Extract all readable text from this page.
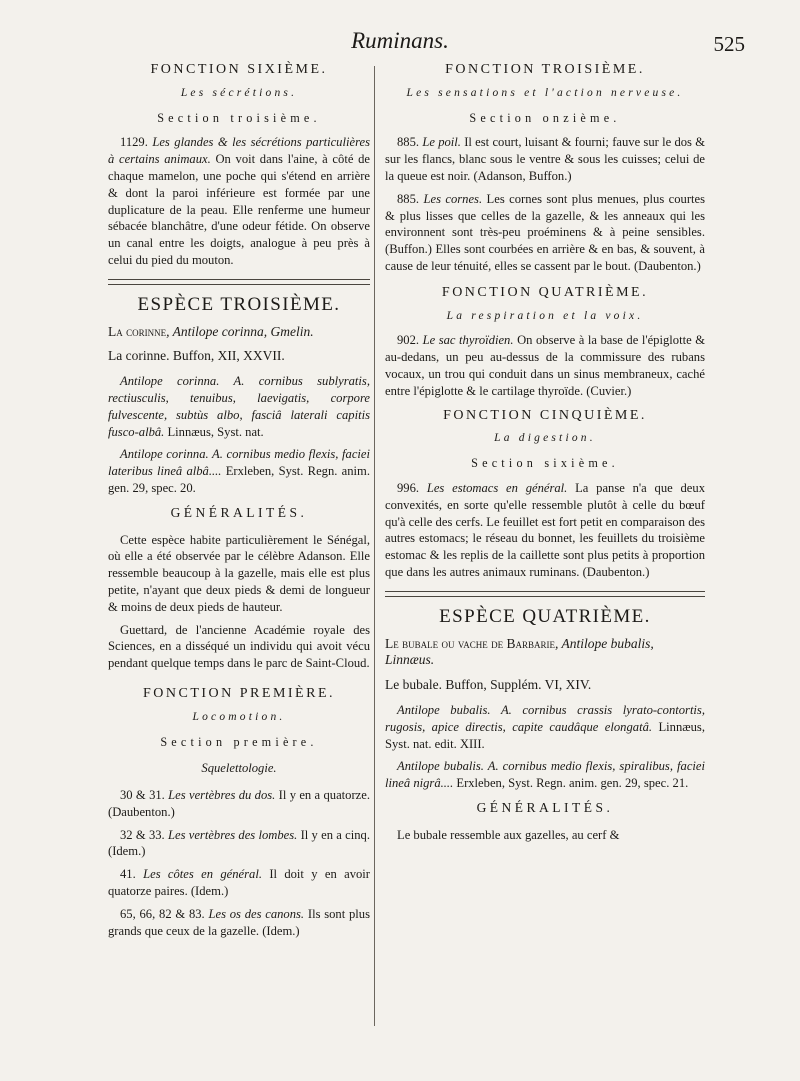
Ruminans.	525
FONCTION SIXIÈME.
Les sécrétions.
Section troisième.

1129. Les glandes & les sécrétions particulières à certains animaux. On voit dans l'aine, à côté de chaque mamelon, une poche qui s'étend en arrière & dont la paroi inférieure est formée par une duplicature de la peau. Elle renferme une humeur sébacée blanchâtre, d'une odeur fétide. On observe un canal entre les doigts, analogue à peu près à celui du pied du mouton.

ESPÈCE TROISIÈME.
La corinne, Antilope corinna, Gmelin.
La corinne. Buffon, XII, XXVII.

Antilope corinna. A. cornibus sublyratis, rectiusculis, tenuibus, laevigatis, corpore fulvescente, subtùs albo, fasciâ laterali capitis fusco-albâ. Linnæus, Syst. nat.

Antilope corinna. A. cornibus medio flexis, faciei lateribus lineâ albâ.... Erxleben, Syst. Regn. anim. gen. 29, spec. 20.

GÉNÉRALITÉS.

Cette espèce habite particulièrement le Sénégal, où elle a été observée par le célèbre Adanson. Elle ressemble beaucoup à la gazelle, mais elle est plus petite, n'ayant que deux pieds & demi de longueur & moins de deux pieds de hauteur.

Guettard, de l'ancienne Académie royale des Sciences, en a disséqué un individu qui avoit vécu pendant quelque temps dans le parc de Saint-Cloud.

FONCTION PREMIÈRE.
Locomotion.
Section première.
Squelettologie.

30 & 31. Les vertèbres du dos. Il y en a quatorze. (Daubenton.)

32 & 33. Les vertèbres des lombes. Il y en a cinq. (Idem.)

41. Les côtes en général. Il doit y en avoir quatorze paires. (Idem.)

65, 66, 82 & 83. Les os des canons. Ils sont plus grands que ceux de la gazelle. (Idem.)

FONCTION TROISIÈME.
Les sensations et l'action nerveuse.
Section onzième.

885. Le poil. Il est court, luisant & fourni; fauve sur le dos & sur les flancs, blanc sous le ventre & sous les cuisses; celui de la queue est noir. (Adanson, Buffon.)

885. Les cornes. Les cornes sont plus menues, plus courtes & plus lisses que celles de la gazelle, & les anneaux qui les environnent sont très-peu proéminens & à peine sensibles. (Buffon.) Elles sont courbées en arrière & en bas, & souvent, à cause de leur ténuité, elles se cassent par le bout. (Daubenton.)

FONCTION QUATRIÈME.
La respiration et la voix.

902. Le sac thyroïdien. On observe à la base de l'épiglotte & au-dedans, un peu au-dessus de la commissure des rubans vocaux, un trou qui conduit dans un sinus membraneux, caché entre l'épiglotte & le cartilage thyroïde. (Cuvier.)

FONCTION CINQUIÈME.
La digestion.
Section sixième.

996. Les estomacs en général. La panse n'a que deux convexités, en sorte qu'elle ressemble plutôt à celle du bœuf qu'à celle des cerfs. Le feuillet est fort petit en comparaison des autres estomacs; le réseau du bonnet, les feuillets du troisième estomac & les replis de la caillette sont plus petits à proportion que dans les autres animaux ruminans. (Daubenton.)

ESPÈCE QUATRIÈME.
Le bubale ou vache de Barbarie, Antilope bubalis, Linnæus.
Le bubale. Buffon, Supplém. VI, XIV.

Antilope bubalis. A. cornibus crassis lyrato-contortis, rugosis, apice directis, capite caudâque elongatâ. Linnæus, Syst. nat. edit. XIII.

Antilope bubalis. A. cornibus medio flexis, spiralibus, faciei lineâ nigrâ.... Erxleben, Syst. Regn. anim. gen. 29, spec. 21.

GÉNÉRALITÉS.

Le bubale ressemble aux gazelles, au cerf &
